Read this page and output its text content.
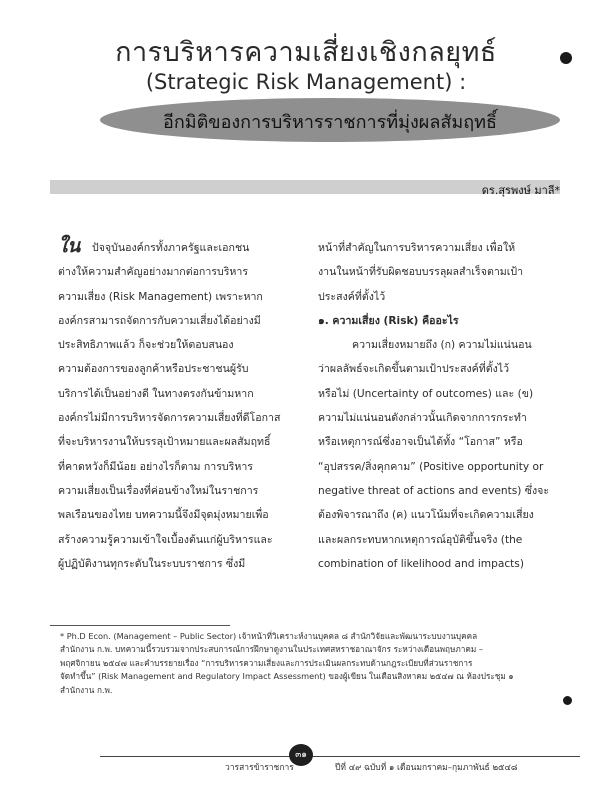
การบริหารความเสี่ยงเชิงกลยุทธ์
(Strategic Risk Management) :
อีกมิติของการบริหารราชการที่มุ่งผลสัมฤทธิ์
ดร.สุรพงษ์ มาลี*

ใน ปัจจุบันองค์กรทั้งภาครัฐและเอกชน

ต่างให้ความสำคัญอย่างมากต่อการบริหาร

ความเสี่ยง (Risk Management) เพราะหาก

องค์กรสามารถจัดการกับความเสี่ยงได้อย่างมี

ประสิทธิภาพแล้ว ก็จะช่วยให้ตอบสนอง

ความต้องการของลูกค้าหรือประชาชนผู้รับ

บริการได้เป็นอย่างดี ในทางตรงกันข้ามหาก

องค์กรไม่มีการบริหารจัดการความเสี่ยงที่ดีโอกาส

ที่จะบริหารงานให้บรรลุเป้าหมายและผลสัมฤทธิ์

ที่คาดหวังก็มีน้อย อย่างไรก็ตาม การบริหาร

ความเสี่ยงเป็นเรื่องที่ค่อนข้างใหม่ในราชการ

พลเรือนของไทย บทความนี้จึงมีจุดมุ่งหมายเพื่อ

สร้างความรู้ความเข้าใจเบื้องต้นแก่ผู้บริหารและ

ผู้ปฏิบัติงานทุกระดับในระบบราชการ ซึ่งมี

หน้าที่สำคัญในการบริหารความเสี่ยง เพื่อให้

งานในหน้าที่รับผิดชอบบรรลุผลสำเร็จตามเป้า

ประสงค์ที่ตั้งไว้

๑. ความเสี่ยง (Risk) คืออะไร

ความเสี่ยงหมายถึง (ก) ความไม่แน่นอน

ว่าผลลัพธ์จะเกิดขึ้นตามเป้าประสงค์ที่ตั้งไว้

หรือไม่ (Uncertainty of outcomes) และ (ข)

ความไม่แน่นอนดังกล่าวนั้นเกิดจากการกระทำ

หรือเหตุการณ์ซึ่งอาจเป็นได้ทั้ง “โอกาส” หรือ

“อุปสรรค/สิ่งคุกคาม” (Positive opportunity or

negative threat of actions and events) ซึ่งจะ

ต้องพิจารณาถึง (ค) แนวโน้มที่จะเกิดความเสี่ยง

และผลกระทบหากเหตุการณ์อุบัติขึ้นจริง (the

combination of likelihood and impacts)

* Ph.D Econ. (Management – Public Sector) เจ้าหน้าที่วิเคราะห์งานบุคคล ๘ สำนักวิจัยและพัฒนาระบบงานบุคคล

สำนักงาน ก.พ. บทความนี้รวบรวมจากประสบการณ์การฝึกษาดูงานในประเทศสหราชอาณาจักร ระหว่างเดือนพฤษภาคม –

พฤศจิกายน ๒๕๔๗ และคำบรรยายเรื่อง “การบริหารความเสี่ยงและการประเมินผลกระทบด้านกฎระเบียบที่ส่วนราชการ

จัดทำขึ้น” (Risk Management and Regulatory Impact Assessment) ของผู้เขียน ในเดือนสิงหาคม ๒๕๔๗ ณ ห้องประชุม ๑

สำนักงาน ก.พ.

วารสารข้าราชการ
๓๑
ปีที่ ๔๙ ฉบับที่ ๑ เดือนมกราคม–กุมภาพันธ์ ๒๕๔๘
